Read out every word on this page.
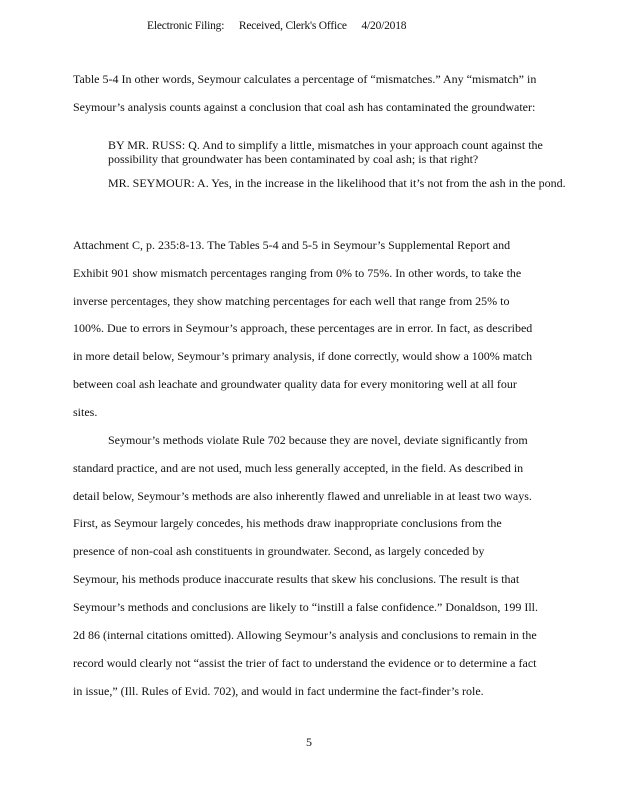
Electronic Filing: Received, Clerk's Office 4/20/2018
Table 5-4 In other words, Seymour calculates a percentage of “mismatches.” Any “mismatch” in
Seymour’s analysis counts against a conclusion that coal ash has contaminated the groundwater:
BY MR. RUSS: Q. And to simplify a little, mismatches in your approach count against the possibility that groundwater has been contaminated by coal ash; is that right?
MR. SEYMOUR: A. Yes, in the increase in the likelihood that it’s not from the ash in the pond.
Attachment C, p. 235:8-13. The Tables 5-4 and 5-5 in Seymour’s Supplemental Report and
Exhibit 901 show mismatch percentages ranging from 0% to 75%. In other words, to take the
inverse percentages, they show matching percentages for each well that range from 25% to
100%. Due to errors in Seymour’s approach, these percentages are in error. In fact, as described
in more detail below, Seymour’s primary analysis, if done correctly, would show a 100% match
between coal ash leachate and groundwater quality data for every monitoring well at all four
sites.
Seymour’s methods violate Rule 702 because they are novel, deviate significantly from
standard practice, and are not used, much less generally accepted, in the field. As described in
detail below, Seymour’s methods are also inherently flawed and unreliable in at least two ways.
First, as Seymour largely concedes, his methods draw inappropriate conclusions from the
presence of non-coal ash constituents in groundwater. Second, as largely conceded by
Seymour, his methods produce inaccurate results that skew his conclusions. The result is that
Seymour’s methods and conclusions are likely to “instill a false confidence.” Donaldson, 199 Ill.
2d 86 (internal citations omitted). Allowing Seymour’s analysis and conclusions to remain in the
record would clearly not “assist the trier of fact to understand the evidence or to determine a fact
in issue,” (Ill. Rules of Evid. 702), and would in fact undermine the fact-finder’s role.
5
